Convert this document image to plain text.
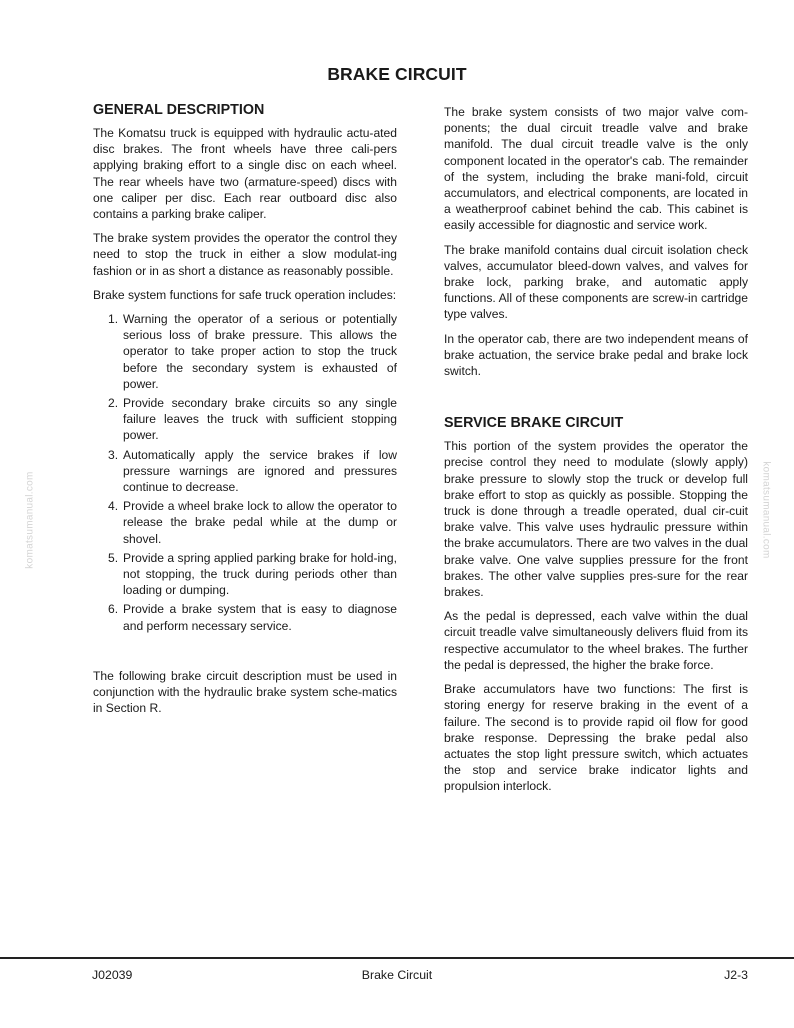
BRAKE CIRCUIT
komatsumanual.com	komatsumanual.com
GENERAL DESCRIPTION

The Komatsu truck is equipped with hydraulic actu-ated disc brakes. The front wheels have three cali-pers applying braking effort to a single disc on each wheel. The rear wheels have two (armature-speed) discs with one caliper per disc. Each rear outboard disc also contains a parking brake caliper.

The brake system provides the operator the control they need to stop the truck in either a slow modulat-ing fashion or in as short a distance as reasonably possible.

Brake system functions for safe truck operation includes:

1. Warning the operator of a serious or potentially serious loss of brake pressure. This allows the operator to take proper action to stop the truck before the secondary system is exhausted of power.
2. Provide secondary brake circuits so any single failure leaves the truck with sufficient stopping power.
3. Automatically apply the service brakes if low pressure warnings are ignored and pressures continue to decrease.
4. Provide a wheel brake lock to allow the operator to release the brake pedal while at the dump or shovel.
5. Provide a spring applied parking brake for hold-ing, not stopping, the truck during periods other than loading or dumping.
6. Provide a brake system that is easy to diagnose and perform necessary service.

The following brake circuit description must be used in conjunction with the hydraulic brake system sche-matics in Section R.

The brake system consists of two major valve com-ponents; the dual circuit treadle valve and brake manifold. The dual circuit treadle valve is the only component located in the operator's cab. The remainder of the system, including the brake mani-fold, circuit accumulators, and electrical components, are located in a weatherproof cabinet behind the cab. This cabinet is easily accessible for diagnostic and service work.

The brake manifold contains dual circuit isolation check valves, accumulator bleed-down valves, and valves for brake lock, parking brake, and automatic apply functions. All of these components are screw-in cartridge type valves.

In the operator cab, there are two independent means of brake actuation, the service brake pedal and brake lock switch.

SERVICE BRAKE CIRCUIT

This portion of the system provides the operator the precise control they need to modulate (slowly apply) brake pressure to slowly stop the truck or develop full brake effort to stop as quickly as possible. Stopping the truck is done through a treadle operated, dual cir-cuit brake valve. This valve uses hydraulic pressure within the brake accumulators. There are two valves in the dual brake valve. One valve supplies pressure for the front brakes. The other valve supplies pres-sure for the rear brakes.

As the pedal is depressed, each valve within the dual circuit treadle valve simultaneously delivers fluid from its respective accumulator to the wheel brakes. The further the pedal is depressed, the higher the brake force.

Brake accumulators have two functions: The first is storing energy for reserve braking in the event of a failure. The second is to provide rapid oil flow for good brake response. Depressing the brake pedal also actuates the stop light pressure switch, which actuates the stop and service brake indicator lights and propulsion interlock.

J02039	Brake Circuit	J2-3
